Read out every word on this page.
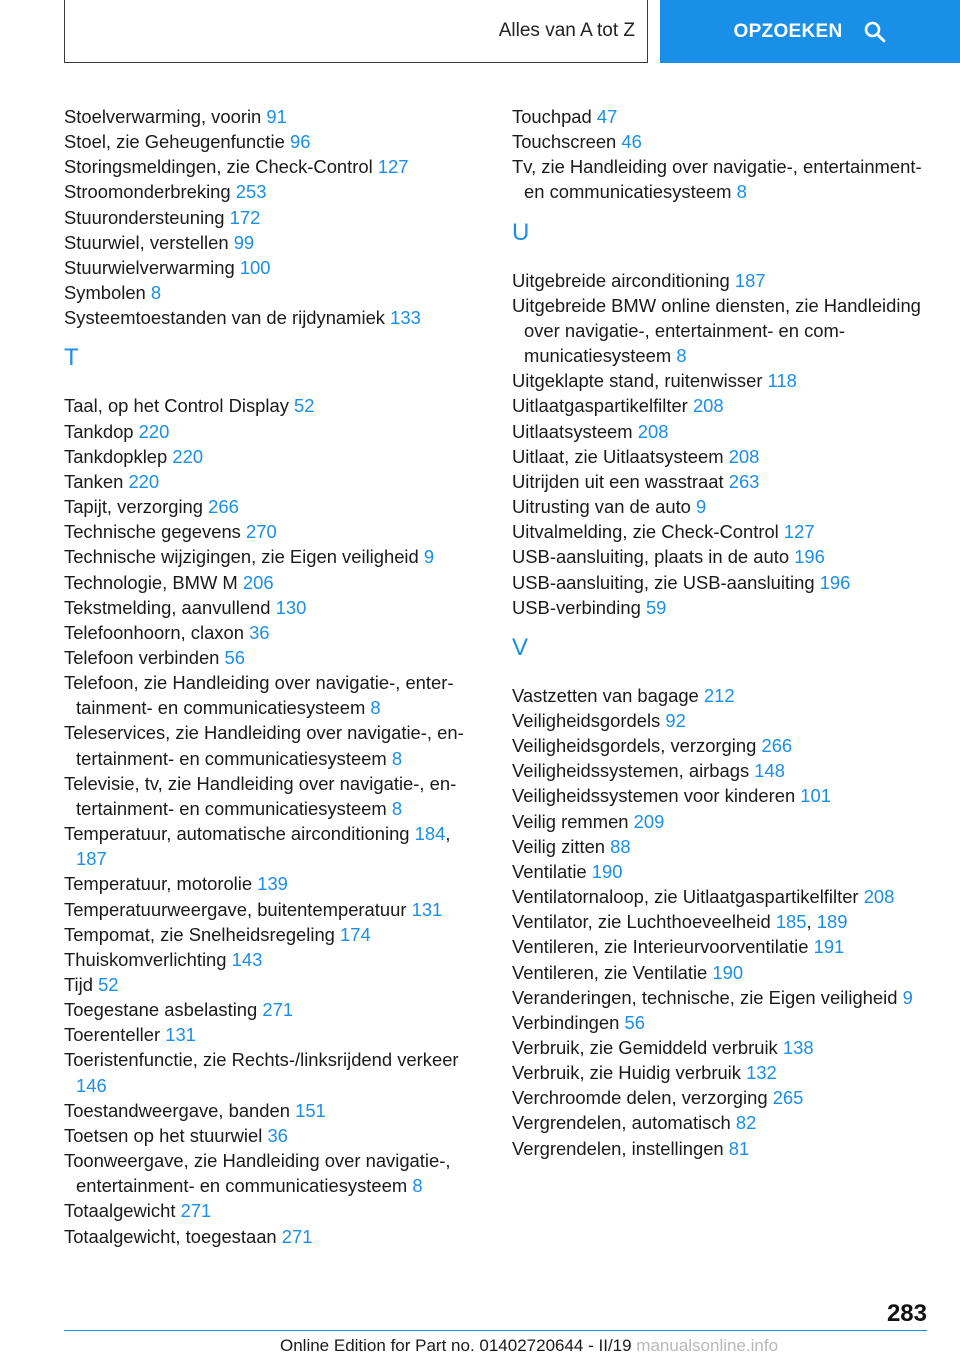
Alles van A tot Z	OPZOEKEN
Stoelverwarming, voorin 91
Stoel, zie Geheugenfunctie 96
Storingsmeldingen, zie Check-Control 127
Stroomonderbreking 253
Stuurondersteuning 172
Stuurwiel, verstellen 99
Stuurwielverwarming 100
Symbolen 8
Systeemtoestanden van de rijdynamiek 133
T
Taal, op het Control Display 52
Tankdop 220
Tankdopklep 220
Tanken 220
Tapijt, verzorging 266
Technische gegevens 270
Technische wijzigingen, zie Eigen veiligheid 9
Technologie, BMW M 206
Tekstmelding, aanvullend 130
Telefoonhoorn, claxon 36
Telefoon verbinden 56
Telefoon, zie Handleiding over navigatie-, entertainment- en communicatiesysteem 8
Teleservices, zie Handleiding over navigatie-, entertainment- en communicatiesysteem 8
Televisie, tv, zie Handleiding over navigatie-, entertainment- en communicatiesysteem 8
Temperatuur, automatische airconditioning 184, 187
Temperatuur, motorolie 139
Temperatuurweergave, buitentemperatuur 131
Tempomat, zie Snelheidsregeling 174
Thuiskomverlichting 143
Tijd 52
Toegestane asbelasting 271
Toerenteller 131
Toeristenfunctie, zie Rechts-/linksrijdend verkeer 146
Toestandweergave, banden 151
Toetsen op het stuurwiel 36
Toonweergave, zie Handleiding over navigatie-, entertainment- en communicatiesysteem 8
Totaalgewicht 271
Totaalgewicht, toegestaan 271
Touchpad 47
Touchscreen 46
Tv, zie Handleiding over navigatie-, entertainment- en communicatiesysteem 8
U
Uitgebreide airconditioning 187
Uitgebreide BMW online diensten, zie Handleiding over navigatie-, entertainment- en communicatiesysteem 8
Uitgeklapte stand, ruitenwisser 118
Uitlaatgaspartikelfilter 208
Uitlaatsysteem 208
Uitlaat, zie Uitlaatsysteem 208
Uitrijden uit een wasstraat 263
Uitrusting van de auto 9
Uitvalmelding, zie Check-Control 127
USB-aansluiting, plaats in de auto 196
USB-aansluiting, zie USB-aansluiting 196
USB-verbinding 59
V
Vastzetten van bagage 212
Veiligheidsgordels 92
Veiligheidsgordels, verzorging 266
Veiligheidssystemen, airbags 148
Veiligheidssystemen voor kinderen 101
Veilig remmen 209
Veilig zitten 88
Ventilatie 190
Ventilatornaloop, zie Uitlaatgaspartikelfilter 208
Ventilator, zie Luchthoeveelheid 185, 189
Ventileren, zie Interieurvoorventilatie 191
Ventileren, zie Ventilatie 190
Veranderingen, technische, zie Eigen veiligheid 9
Verbindingen 56
Verbruik, zie Gemiddeld verbruik 138
Verbruik, zie Huidig verbruik 132
Verchroomde delen, verzorging 265
Vergrendelen, automatisch 82
Vergrendelen, instellingen 81
283
Online Edition for Part no. 01402720644 - II/19 manualsonline.info
